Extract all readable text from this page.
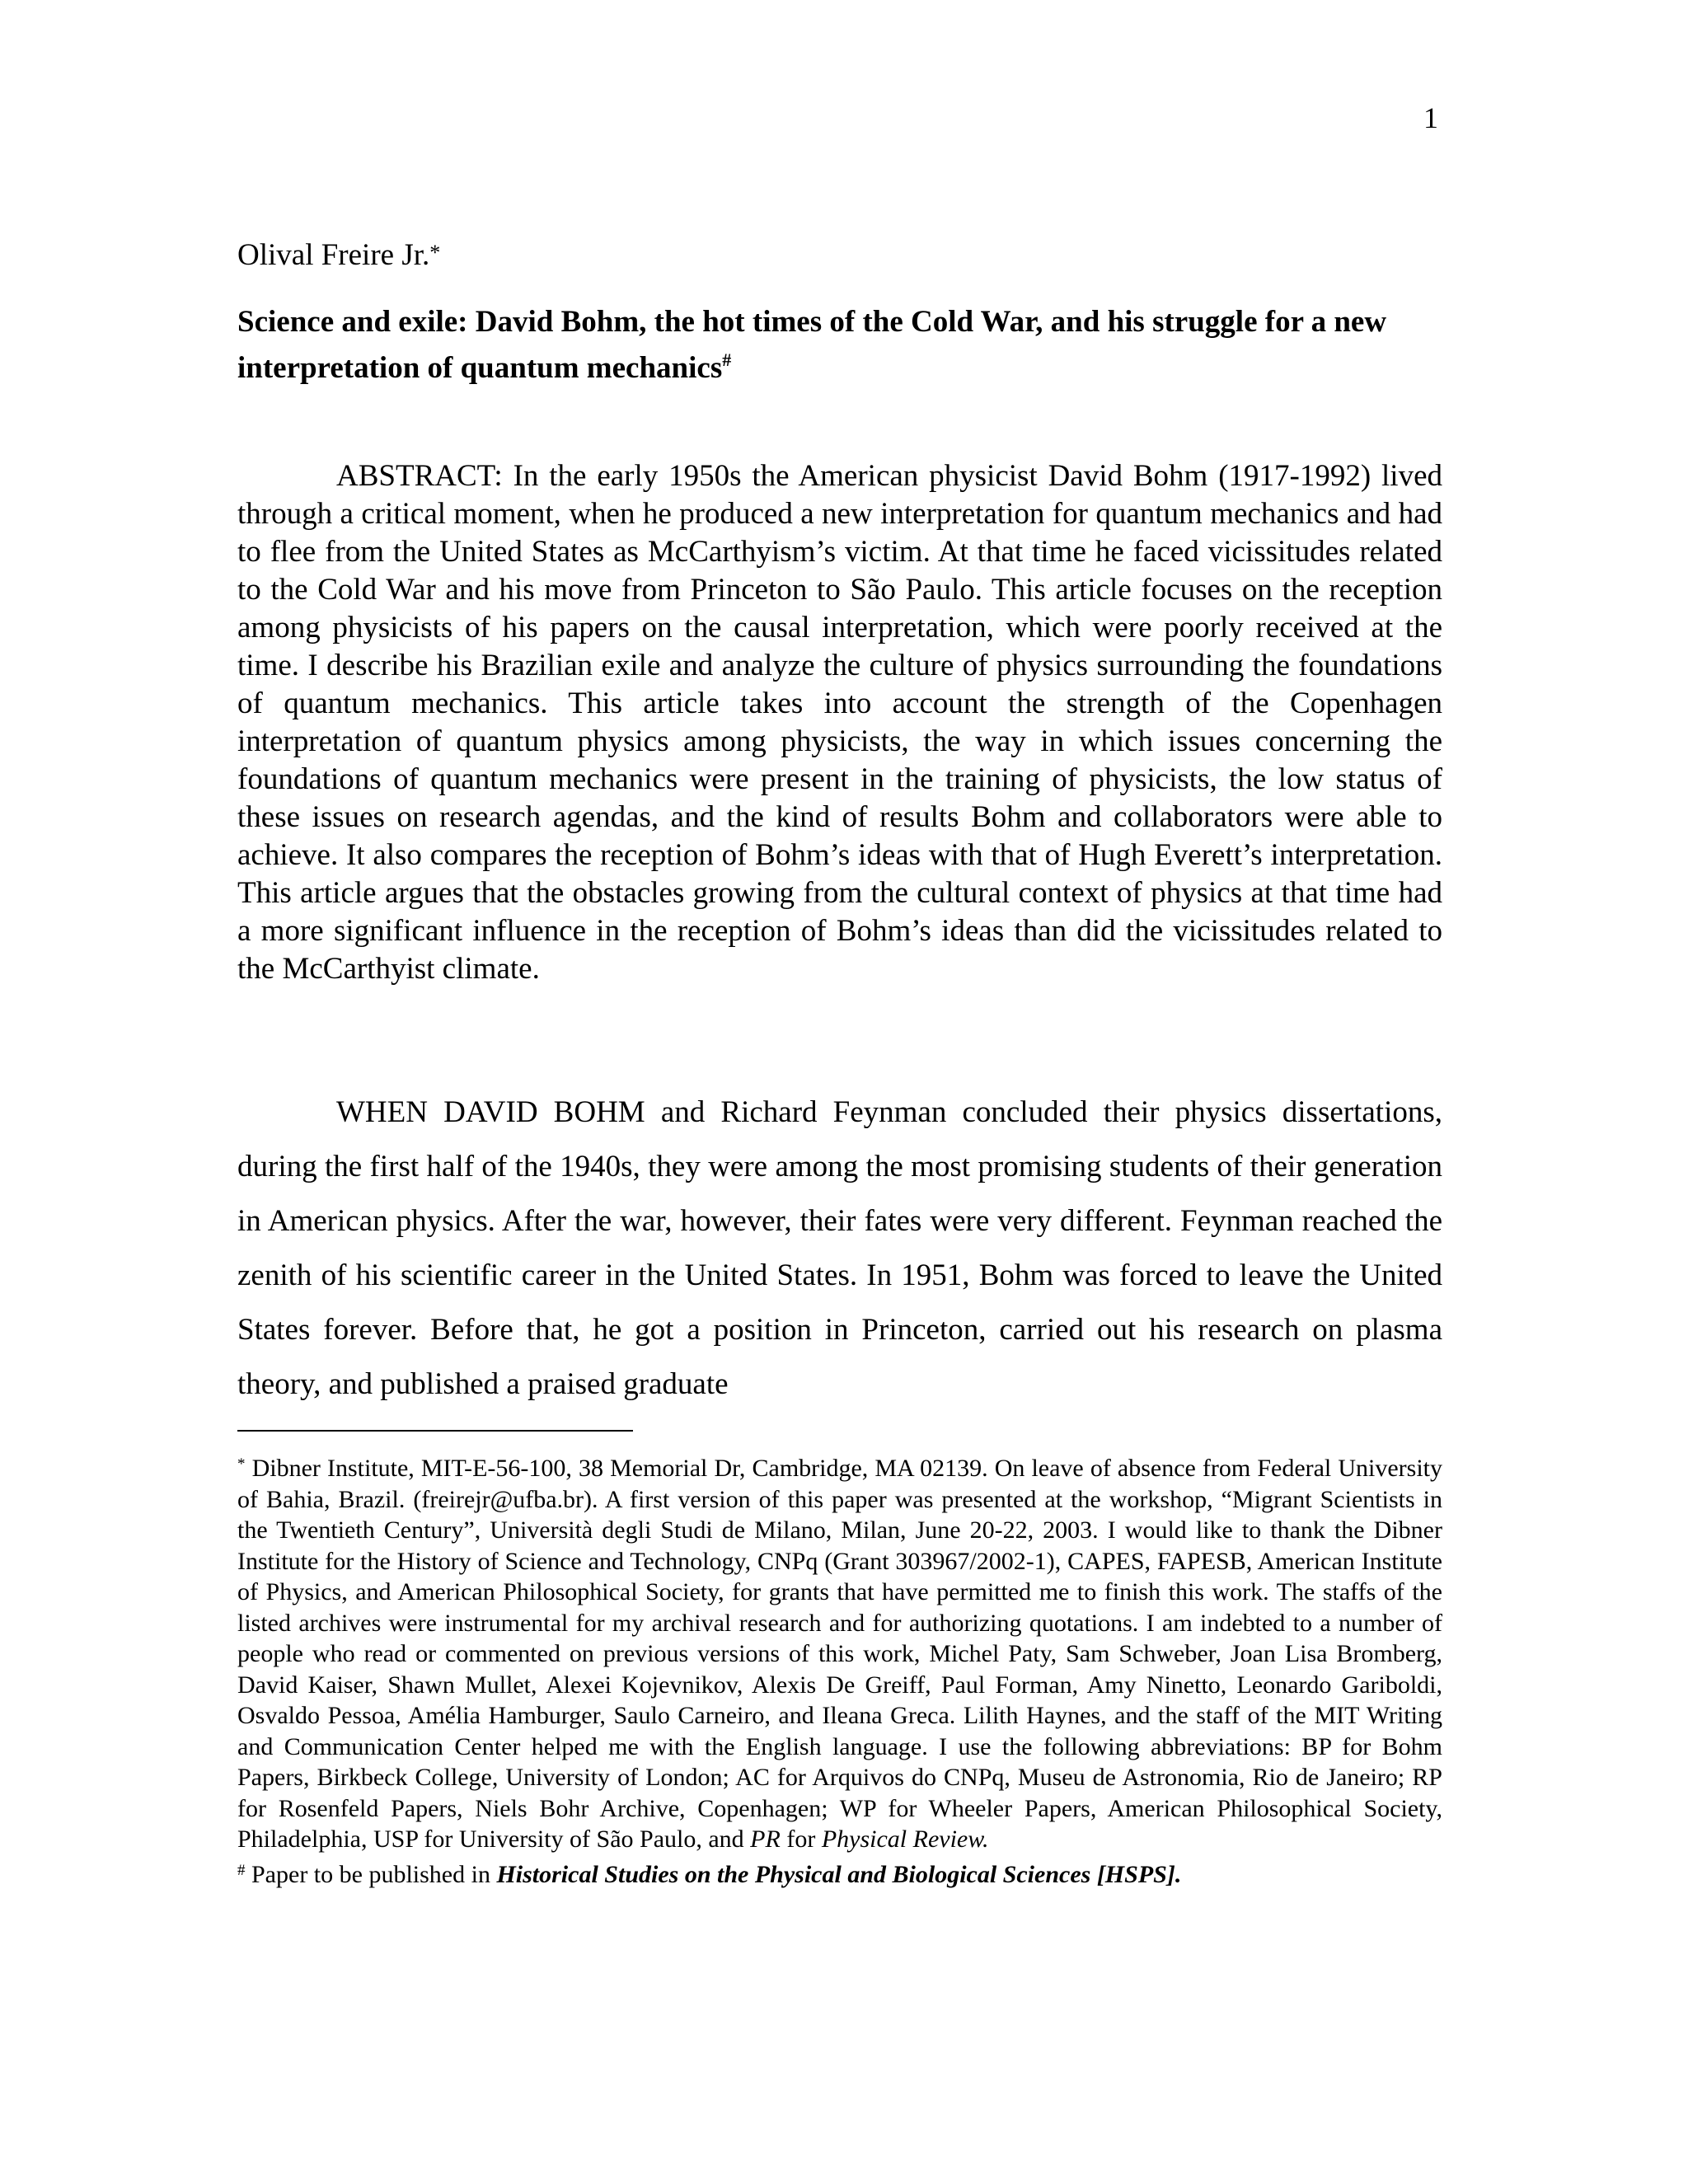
1
Olival Freire Jr.*
Science and exile: David Bohm, the hot times of the Cold War, and his struggle for a new interpretation of quantum mechanics#
ABSTRACT: In the early 1950s the American physicist David Bohm (1917-1992) lived through a critical moment, when he produced a new interpretation for quantum mechanics and had to flee from the United States as McCarthyism’s victim. At that time he faced vicissitudes related to the Cold War and his move from Princeton to São Paulo. This article focuses on the reception among physicists of his papers on the causal interpretation, which were poorly received at the time. I describe his Brazilian exile and analyze the culture of physics surrounding the foundations of quantum mechanics. This article takes into account the strength of the Copenhagen interpretation of quantum physics among physicists, the way in which issues concerning the foundations of quantum mechanics were present in the training of physicists, the low status of these issues on research agendas, and the kind of results Bohm and collaborators were able to achieve. It also compares the reception of Bohm’s ideas with that of Hugh Everett’s interpretation. This article argues that the obstacles growing from the cultural context of physics at that time had a more significant influence in the reception of Bohm’s ideas than did the vicissitudes related to the McCarthyist climate.
WHEN DAVID BOHM and Richard Feynman concluded their physics dissertations, during the first half of the 1940s, they were among the most promising students of their generation in American physics. After the war, however, their fates were very different. Feynman reached the zenith of his scientific career in the United States. In 1951, Bohm was forced to leave the United States forever. Before that, he got a position in Princeton, carried out his research on plasma theory, and published a praised graduate

* Dibner Institute, MIT-E-56-100, 38 Memorial Dr, Cambridge, MA 02139. On leave of absence from Federal University of Bahia, Brazil. (freirejr@ufba.br). A first version of this paper was presented at the workshop, “Migrant Scientists in the Twentieth Century”, Università degli Studi de Milano, Milan, June 20-22, 2003. I would like to thank the Dibner Institute for the History of Science and Technology, CNPq (Grant 303967/2002-1), CAPES, FAPESB, American Institute of Physics, and American Philosophical Society, for grants that have permitted me to finish this work. The staffs of the listed archives were instrumental for my archival research and for authorizing quotations. I am indebted to a number of people who read or commented on previous versions of this work, Michel Paty, Sam Schweber, Joan Lisa Bromberg, David Kaiser, Shawn Mullet, Alexei Kojevnikov, Alexis De Greiff, Paul Forman, Amy Ninetto, Leonardo Gariboldi, Osvaldo Pessoa, Amélia Hamburger, Saulo Carneiro, and Ileana Greca. Lilith Haynes, and the staff of the MIT Writing and Communication Center helped me with the English language. I use the following abbreviations: BP for Bohm Papers, Birkbeck College, University of London; AC for Arquivos do CNPq, Museu de Astronomia, Rio de Janeiro; RP for Rosenfeld Papers, Niels Bohr Archive, Copenhagen; WP for Wheeler Papers, American Philosophical Society, Philadelphia, USP for University of São Paulo, and PR for Physical Review.

# Paper to be published in Historical Studies on the Physical and Biological Sciences [HSPS].
